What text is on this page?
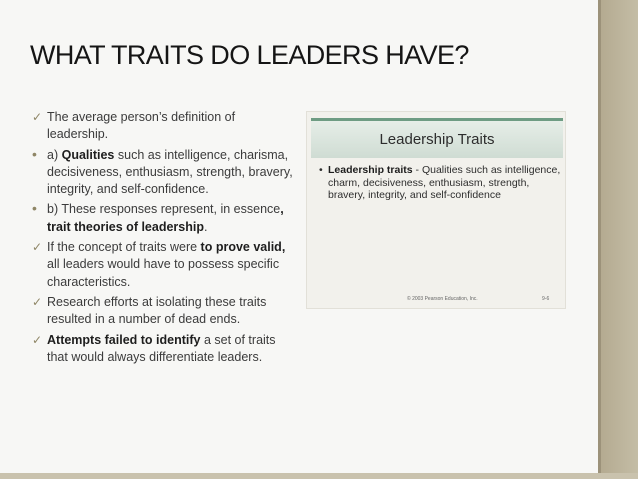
WHAT TRAITS DO LEADERS HAVE?
✓ The average person’s definition of leadership.
• a) Qualities such as intelligence, charisma, decisiveness, enthusiasm, strength, bravery, integrity, and self-confidence.
• b) These responses represent, in essence, trait theories of leadership.
✓ If the concept of traits were to prove valid, all leaders would have to possess specific characteristics.
✓ Research efforts at isolating these traits resulted in a number of dead ends.
✓ Attempts failed to identify a set of traits that would always differentiate leaders.
Leadership Traits
• Leadership traits - Qualities such as intelligence, charm, decisiveness, enthusiasm, strength, bravery, integrity, and self-confidence
© 2003 Pearson Education, Inc.	9-6
